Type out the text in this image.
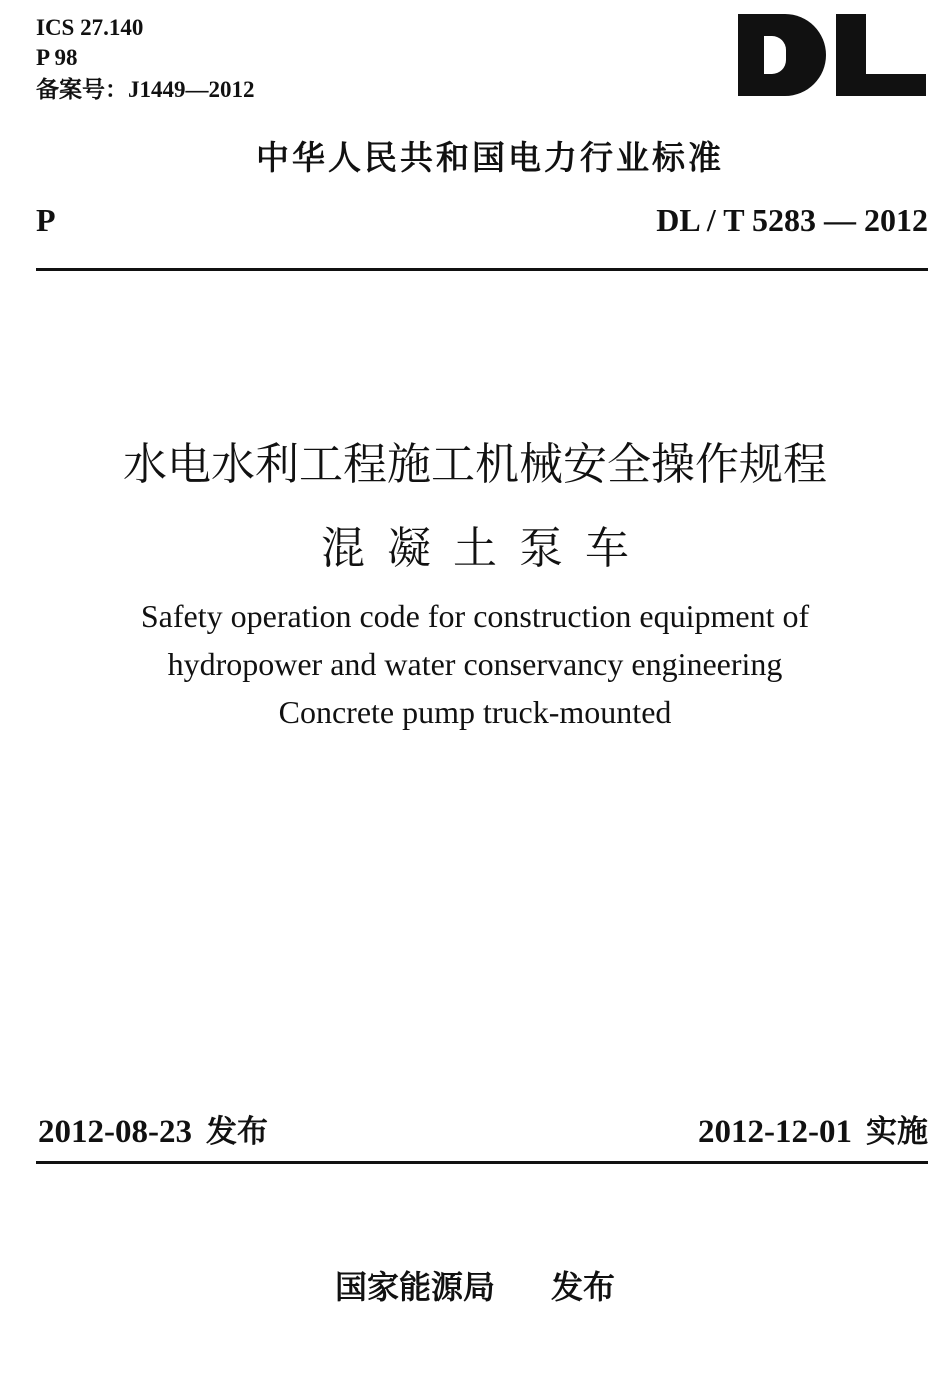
ICS 27.140
P 98
备案号：J1449—2012
中华人民共和国电力行业标准
P	DL / T 5283 — 2012
水电水利工程施工机械安全操作规程
混凝土泵车
Safety operation code for construction equipment of
hydropower and water conservancy engineering
Concrete pump truck-mounted
2012-08-23 发布	2012-12-01 实施
国家能源局 发布
